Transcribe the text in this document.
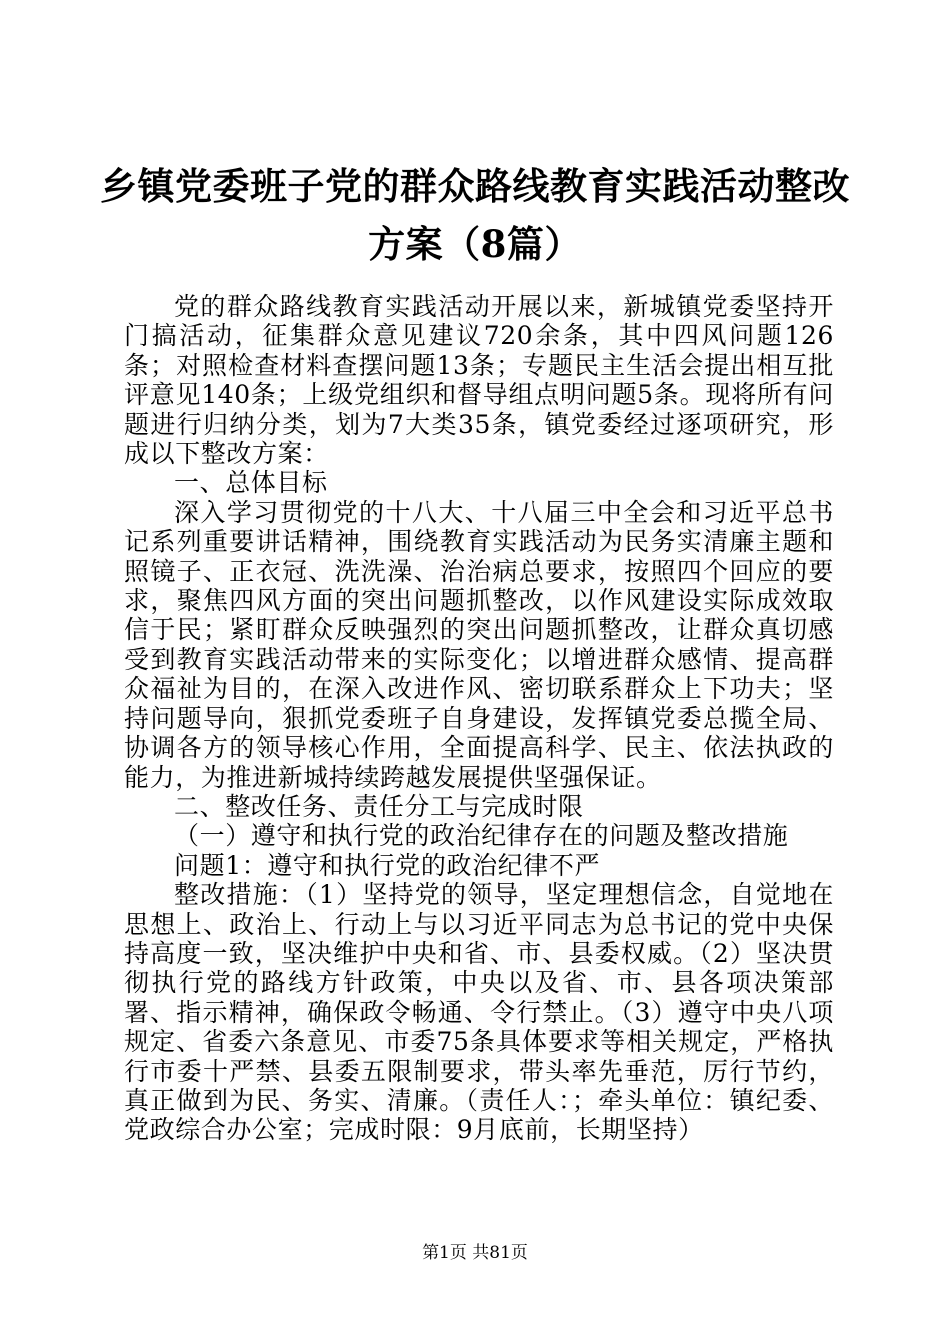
乡镇党委班子党的群众路线教育实践活动整改
方案（8篇）

党的群众路线教育实践活动开展以来，新城镇党委坚持开门搞活动，征集群众意见建议720余条，其中四风问题126条；对照检查材料查摆问题13条；专题民主生活会提出相互批评意见140条；上级党组织和督导组点明问题5条。现将所有问题进行归纳分类，划为7大类35条，镇党委经过逐项研究，形成以下整改方案：

一、总体目标

深入学习贯彻党的十八大、十八届三中全会和习近平总书记系列重要讲话精神，围绕教育实践活动为民务实清廉主题和照镜子、正衣冠、洗洗澡、治治病总要求，按照四个回应的要求，聚焦四风方面的突出问题抓整改，以作风建设实际成效取信于民；紧盯群众反映强烈的突出问题抓整改，让群众真切感受到教育实践活动带来的实际变化；以增进群众感情、提高群众福祉为目的，在深入改进作风、密切联系群众上下功夫；坚持问题导向，狠抓党委班子自身建设，发挥镇党委总揽全局、协调各方的领导核心作用，全面提高科学、民主、依法执政的能力，为推进新城持续跨越发展提供坚强保证。

二、整改任务、责任分工与完成时限

（一）遵守和执行党的政治纪律存在的问题及整改措施

问题1：遵守和执行党的政治纪律不严

整改措施：（1）坚持党的领导，坚定理想信念，自觉地在思想上、政治上、行动上与以习近平同志为总书记的党中央保持高度一致，坚决维护中央和省、市、县委权威。（2）坚决贯彻执行党的路线方针政策，中央以及省、市、县各项决策部署、指示精神，确保政令畅通、令行禁止。（3）遵守中央八项规定、省委六条意见、市委75条具体要求等相关规定，严格执行市委十严禁、县委五限制要求，带头率先垂范，厉行节约，真正做到为民、务实、清廉。（责任人：；牵头单位：镇纪委、党政综合办公室；完成时限：9月底前，长期坚持）

第1页 共81页
